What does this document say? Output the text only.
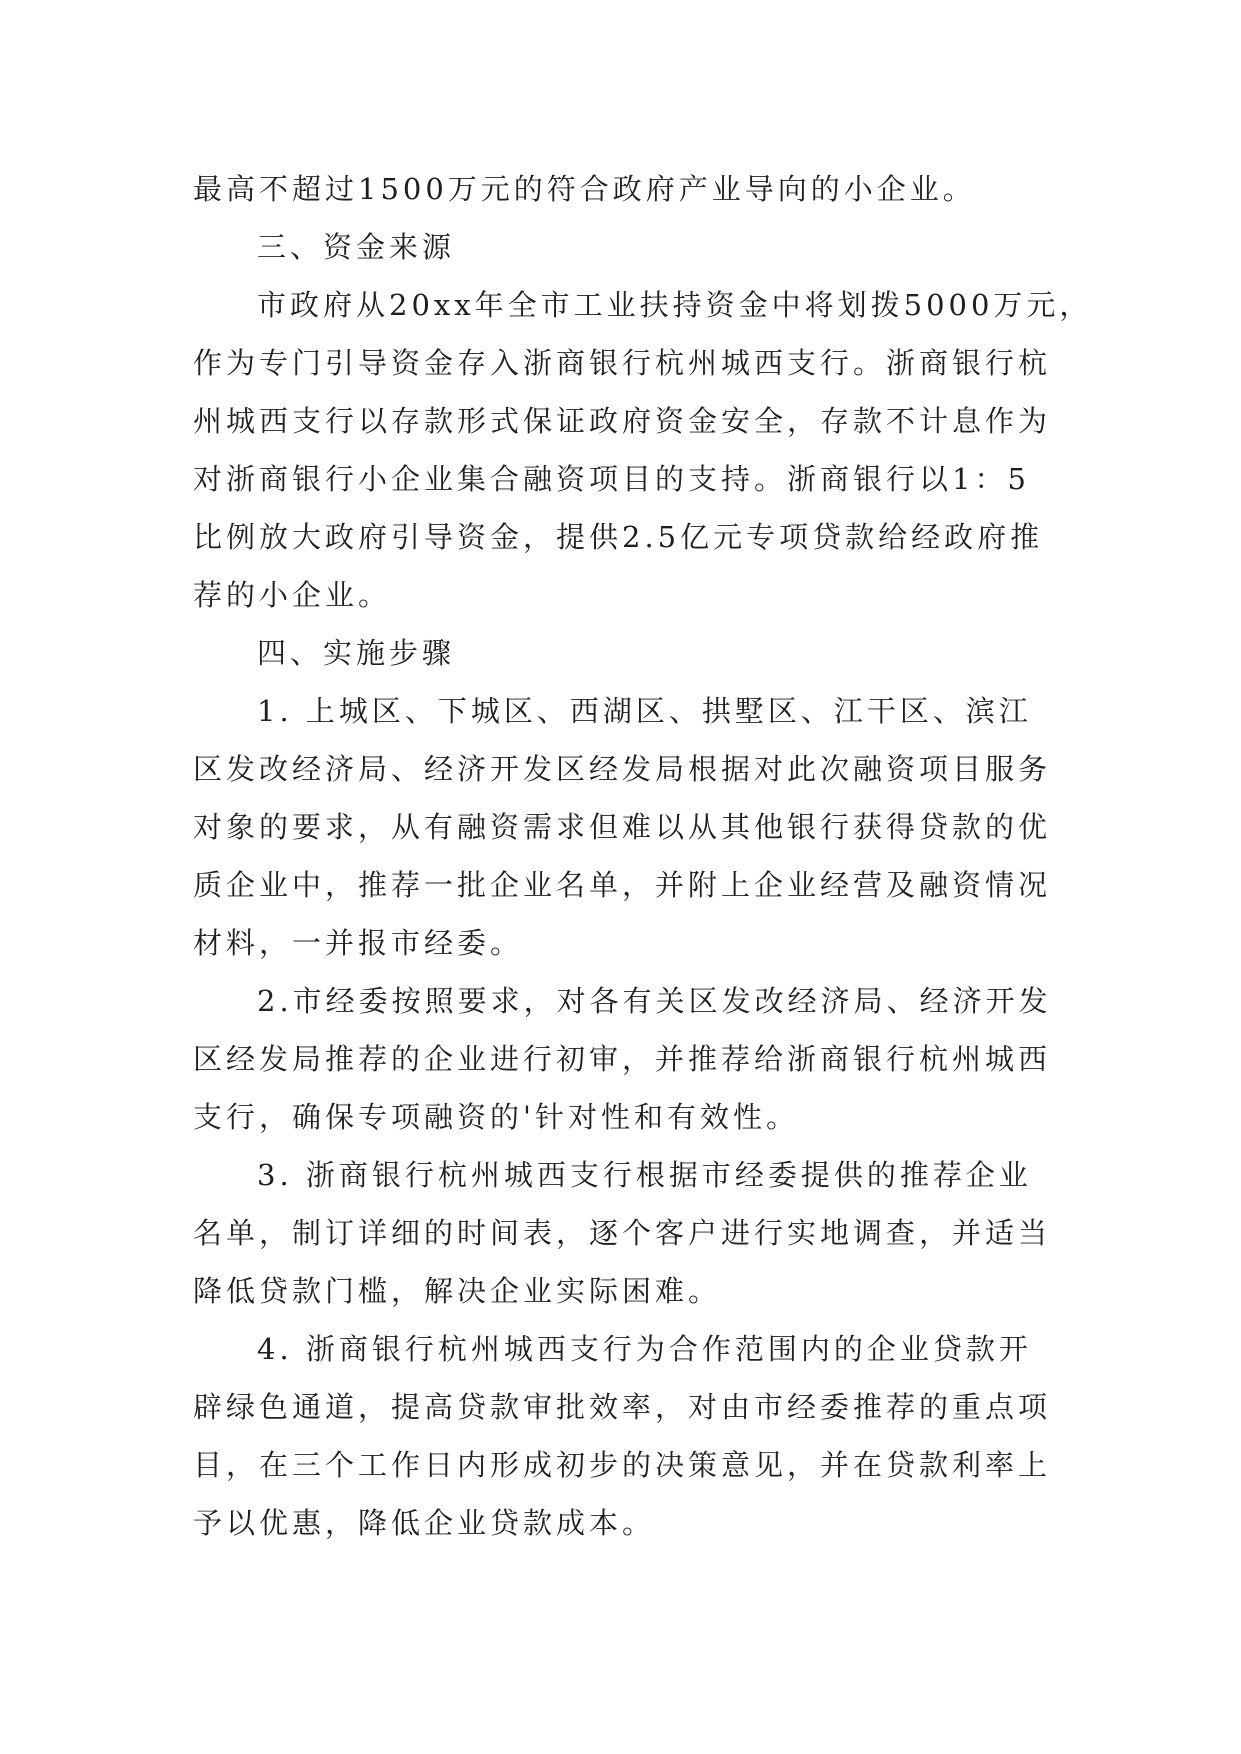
最高不超过1500万元的符合政府产业导向的小企业。
三、资金来源
市政府从20xx年全市工业扶持资金中将划拨5000万元，
作为专门引导资金存入浙商银行杭州城西支行。浙商银行杭
州城西支行以存款形式保证政府资金安全，存款不计息作为
对浙商银行小企业集合融资项目的支持。浙商银行以1：5
比例放大政府引导资金，提供2.5亿元专项贷款给经政府推
荐的小企业。
四、实施步骤
1. 上城区、下城区、西湖区、拱墅区、江干区、滨江
区发改经济局、经济开发区经发局根据对此次融资项目服务
对象的要求，从有融资需求但难以从其他银行获得贷款的优
质企业中，推荐一批企业名单，并附上企业经营及融资情况
材料，一并报市经委。
2.市经委按照要求，对各有关区发改经济局、经济开发
区经发局推荐的企业进行初审，并推荐给浙商银行杭州城西
支行，确保专项融资的'针对性和有效性。
3. 浙商银行杭州城西支行根据市经委提供的推荐企业
名单，制订详细的时间表，逐个客户进行实地调查，并适当
降低贷款门槛，解决企业实际困难。
4. 浙商银行杭州城西支行为合作范围内的企业贷款开
辟绿色通道，提高贷款审批效率，对由市经委推荐的重点项
目，在三个工作日内形成初步的决策意见，并在贷款利率上
予以优惠，降低企业贷款成本。
